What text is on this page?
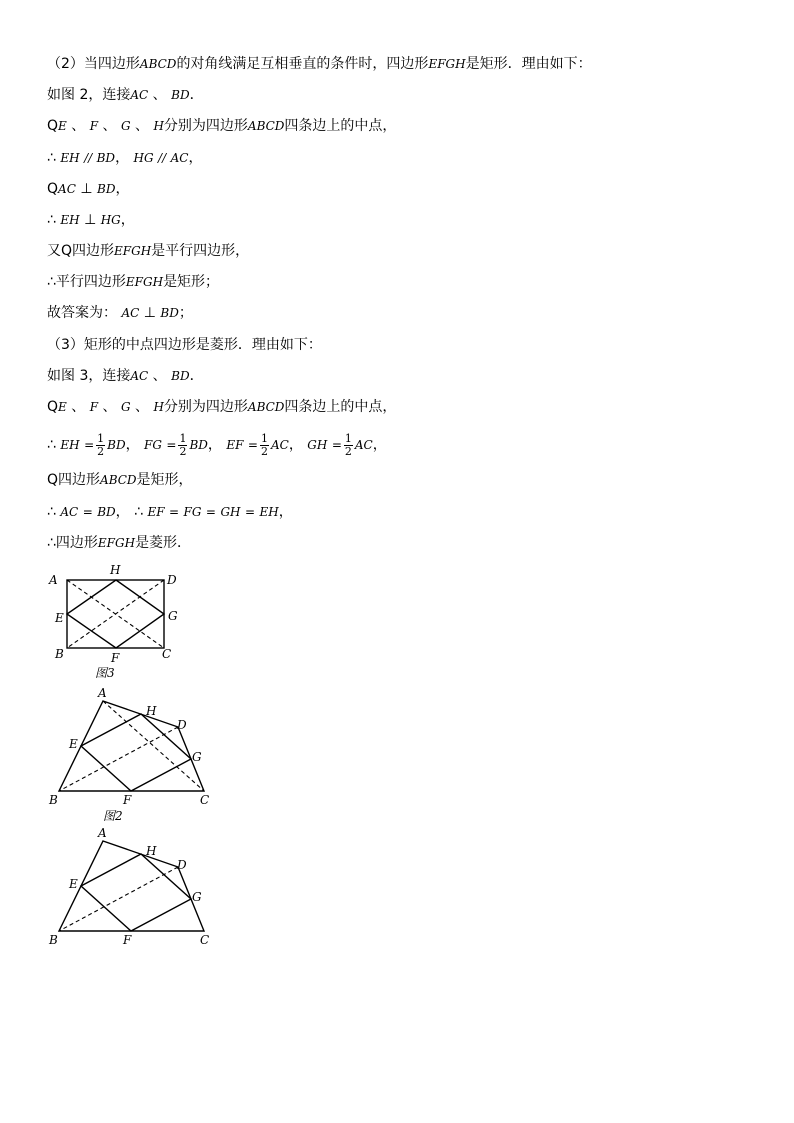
（2）当四边形ABCD的对角线满足互相垂直的条件时，四边形EFGH是矩形．理由如下：
如图 2，连接AC 、 BD．
QE 、 F 、 G 、 H分别为四边形ABCD四条边上的中点，
∴ EH // BD， HG // AC，
QAC ⊥ BD，
∴ EH ⊥ HG，
又Q四边形EFGH是平行四边形，
∴平行四边形EFGH是矩形；
故答案为： AC ⊥ BD；
（3）矩形的中点四边形是菱形．理由如下：
如图 3，连接AC 、 BD．
QE 、 F 、 G 、 H分别为四边形ABCD四条边上的中点，
∴ EH = $\frac{1}{2}$ BD， FG = $\frac{1}{2}$ BD， EF = $\frac{1}{2}$ AC， GH = $\frac{1}{2}$ AC，
Q四边形ABCD是矩形，
∴ AC = BD， ∴ EF = FG = GH = EH，
∴四边形EFGH是菱形．
A
H
D
E	G
B	F	C
图3
A
H
D
E
G
B	F	C
图2
A
H
D
E
G
B	F	C
